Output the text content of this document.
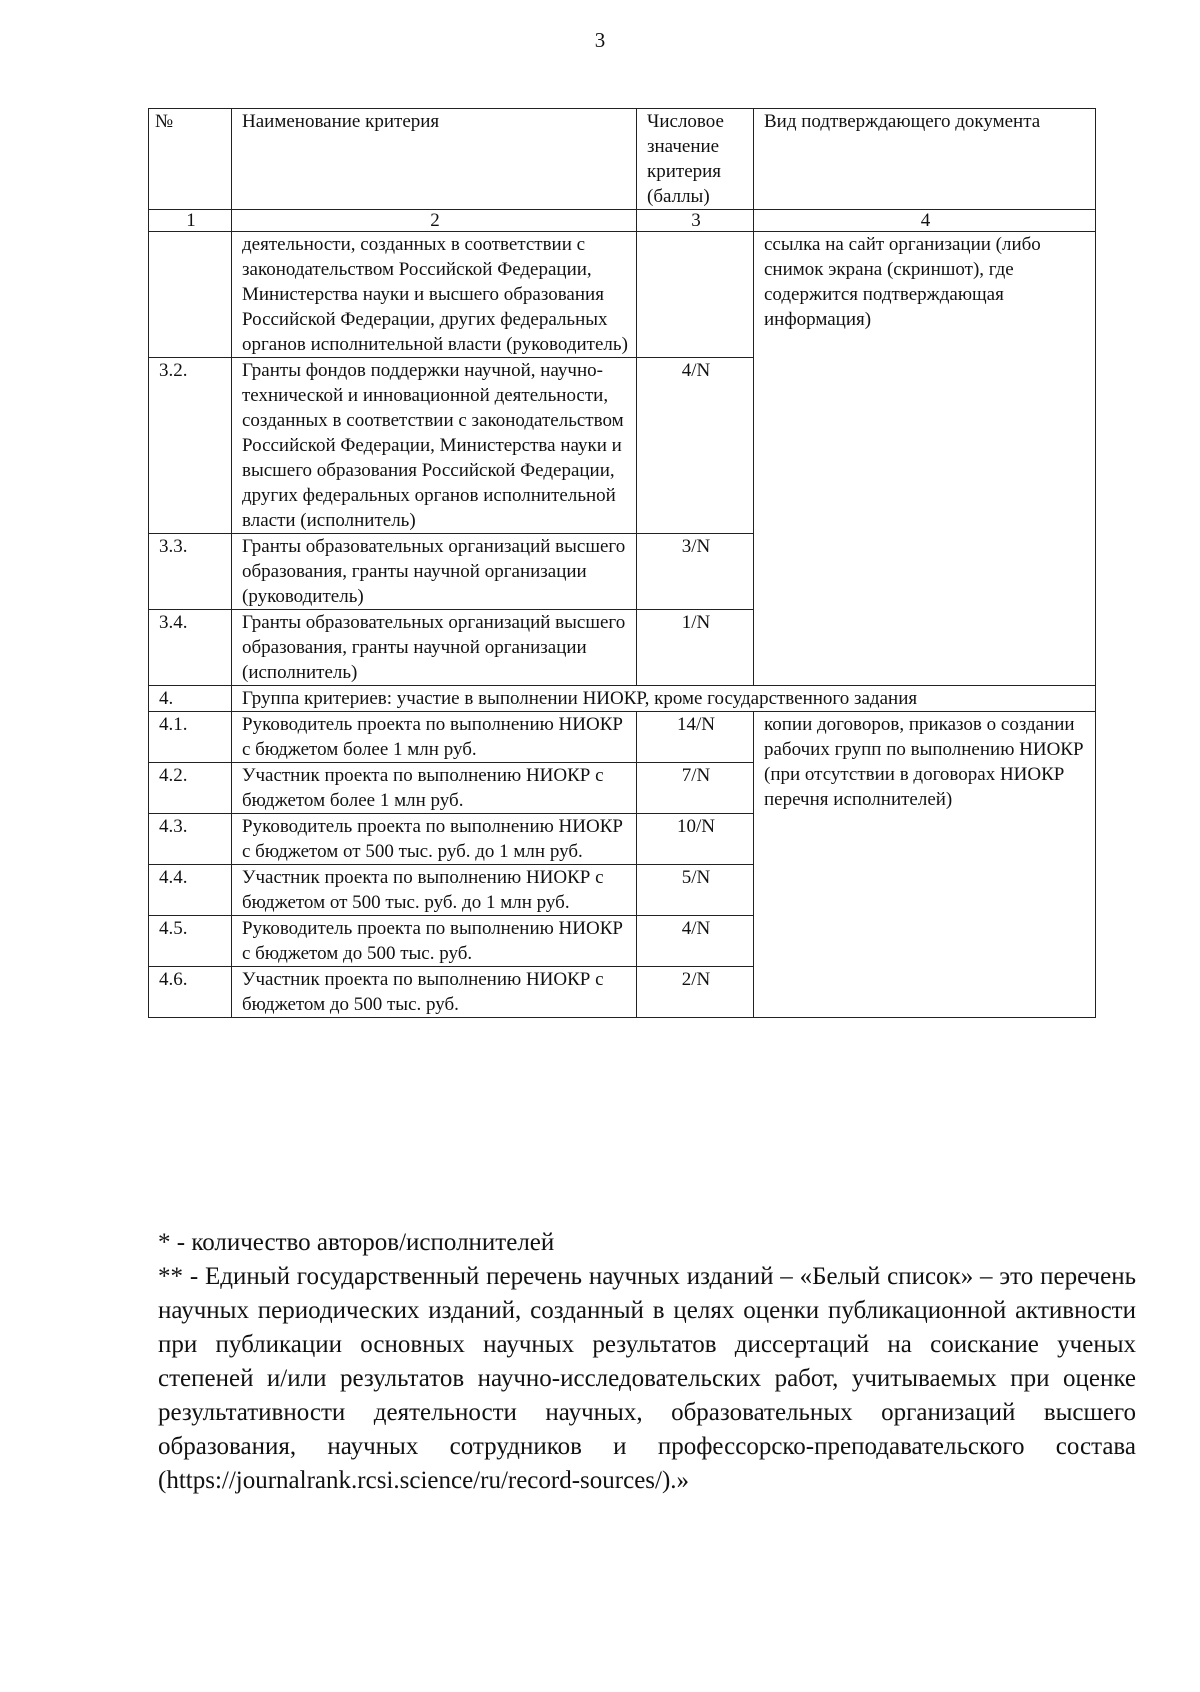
3
№	Наименование критерия	Числовое значение критерия (баллы)	Вид подтверждающего документа
1	2	3	4
	деятельности, созданных в соответствии с законодательством Российской Федерации, Министерства науки и высшего образования Российской Федерации, других федеральных органов исполнительной власти (руководитель)		ссылка на сайт организации (либо снимок экрана (скриншот), где содержится подтверждающая информация)
3.2.	Гранты фондов поддержки научной, научно-технической и инновационной деятельности, созданных в соответствии с законодательством Российской Федерации, Министерства науки и высшего образования Российской Федерации, других федеральных органов исполнительной власти (исполнитель)	4/N	
3.3.	Гранты образовательных организаций высшего образования, гранты научной организации (руководитель)	3/N	
3.4.	Гранты образовательных организаций высшего образования, гранты научной организации (исполнитель)	1/N	
4.	Группа критериев: участие в выполнении НИОКР, кроме государственного задания		
4.1.	Руководитель проекта по выполнению НИОКР с бюджетом более 1 млн руб.	14/N	копии договоров, приказов о создании рабочих групп по выполнению НИОКР (при отсутствии в договорах НИОКР перечня исполнителей)
4.2.	Участник проекта по выполнению НИОКР с бюджетом более 1 млн руб.	7/N	
4.3.	Руководитель проекта по выполнению НИОКР с бюджетом от 500 тыс. руб. до 1 млн руб.	10/N	
4.4.	Участник проекта по выполнению НИОКР с бюджетом от 500 тыс. руб. до 1 млн руб.	5/N	
4.5.	Руководитель проекта по выполнению НИОКР с бюджетом до 500 тыс. руб.	4/N	
4.6.	Участник проекта по выполнению НИОКР с бюджетом до 500 тыс. руб.	2/N	

* - количество авторов/исполнителей

** - Единый государственный перечень научных изданий – «Белый список» – это перечень научных периодических изданий, созданный в целях оценки публикационной активности при публикации основных научных результатов диссертаций на соискание ученых степеней и/или результатов научно-исследовательских работ, учитываемых при оценке результативности деятельности научных, образовательных организаций высшего образования, научных сотрудников и профессорско-преподавательского состава (https://journalrank.rcsi.science/ru/record-sources/).»
